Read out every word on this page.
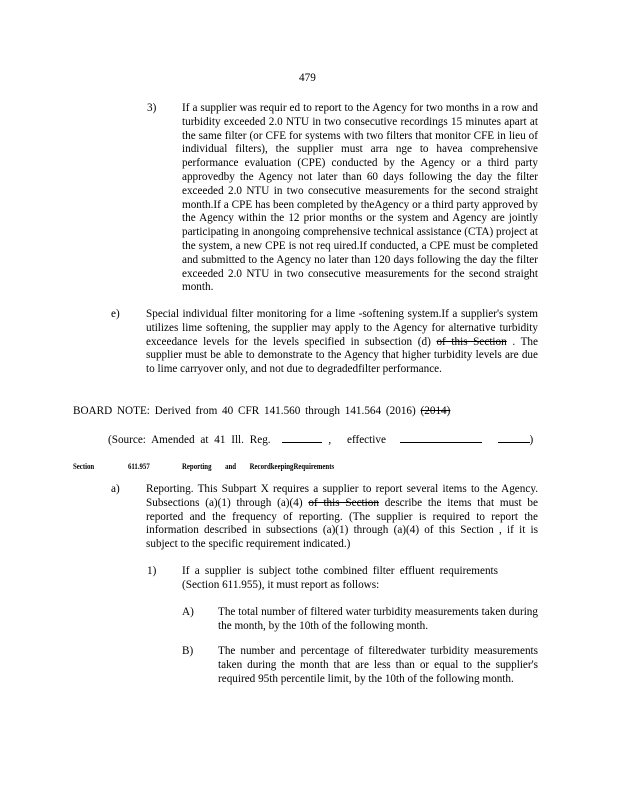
479
3) If a supplier was requir ed to report to the Agency for two months in a row and turbidity exceeded 2.0 NTU in two consecutive recordings 15 minutes apart at the same filter (or CFE for systems with two filters that monitor CFE in lieu of individual filters), the supplier must arra nge to havea comprehensive performance evaluation (CPE) conducted by the Agency or a third party approvedby the Agency not later than 60 days following the day the filter exceeded 2.0 NTU in two consecutive measurements for the second straight month.If a CPE has been completed by theAgency or a third party approved by the Agency within the 12 prior months or the system and Agency are jointly participating in anongoing comprehensive technical assistance (CTA) project at the system, a new CPE is not req uired.If conducted, a CPE must be completed and submitted to the Agency no later than 120 days following the day the filter exceeded 2.0 NTU in two consecutive measurements for the second straight month.
e) Special individual filter monitoring for a lime -softening system.If a supplier's system utilizes lime softening, the supplier may apply to the Agency for alternative turbidity exceedance levels for the levels specified in subsection (d) of this Section . The supplier must be able to demonstrate to the Agency that higher turbidity levels are due to lime carryover only, and not due to degradedfilter performance.
BOARD NOTE: Derived from 40 CFR 141.560 through 141.564 (2016) (2014)
(Source: Amended at 41 Ill. Reg.	, effective	)
Section	611.957	Reporting and RecordkeepingRequirements
a) Reporting. This Subpart X requires a supplier to report several items to the Agency. Subsections (a)(1) through (a)(4) of this Section describe the items that must be reported and the frequency of reporting. (The supplier is required to report the information described in subsections (a)(1) through (a)(4) of this Section , if it is subject to the specific requirement indicated.)
1) If a supplier is subject tothe combined filter effluent requirements (Section 611.955), it must report as follows:
A) The total number of filtered water turbidity measurements taken during the month, by the 10th of the following month.
B) The number and percentage of filteredwater turbidity measurements taken during the month that are less than or equal to the supplier's required 95th percentile limit, by the 10th of the following month.
